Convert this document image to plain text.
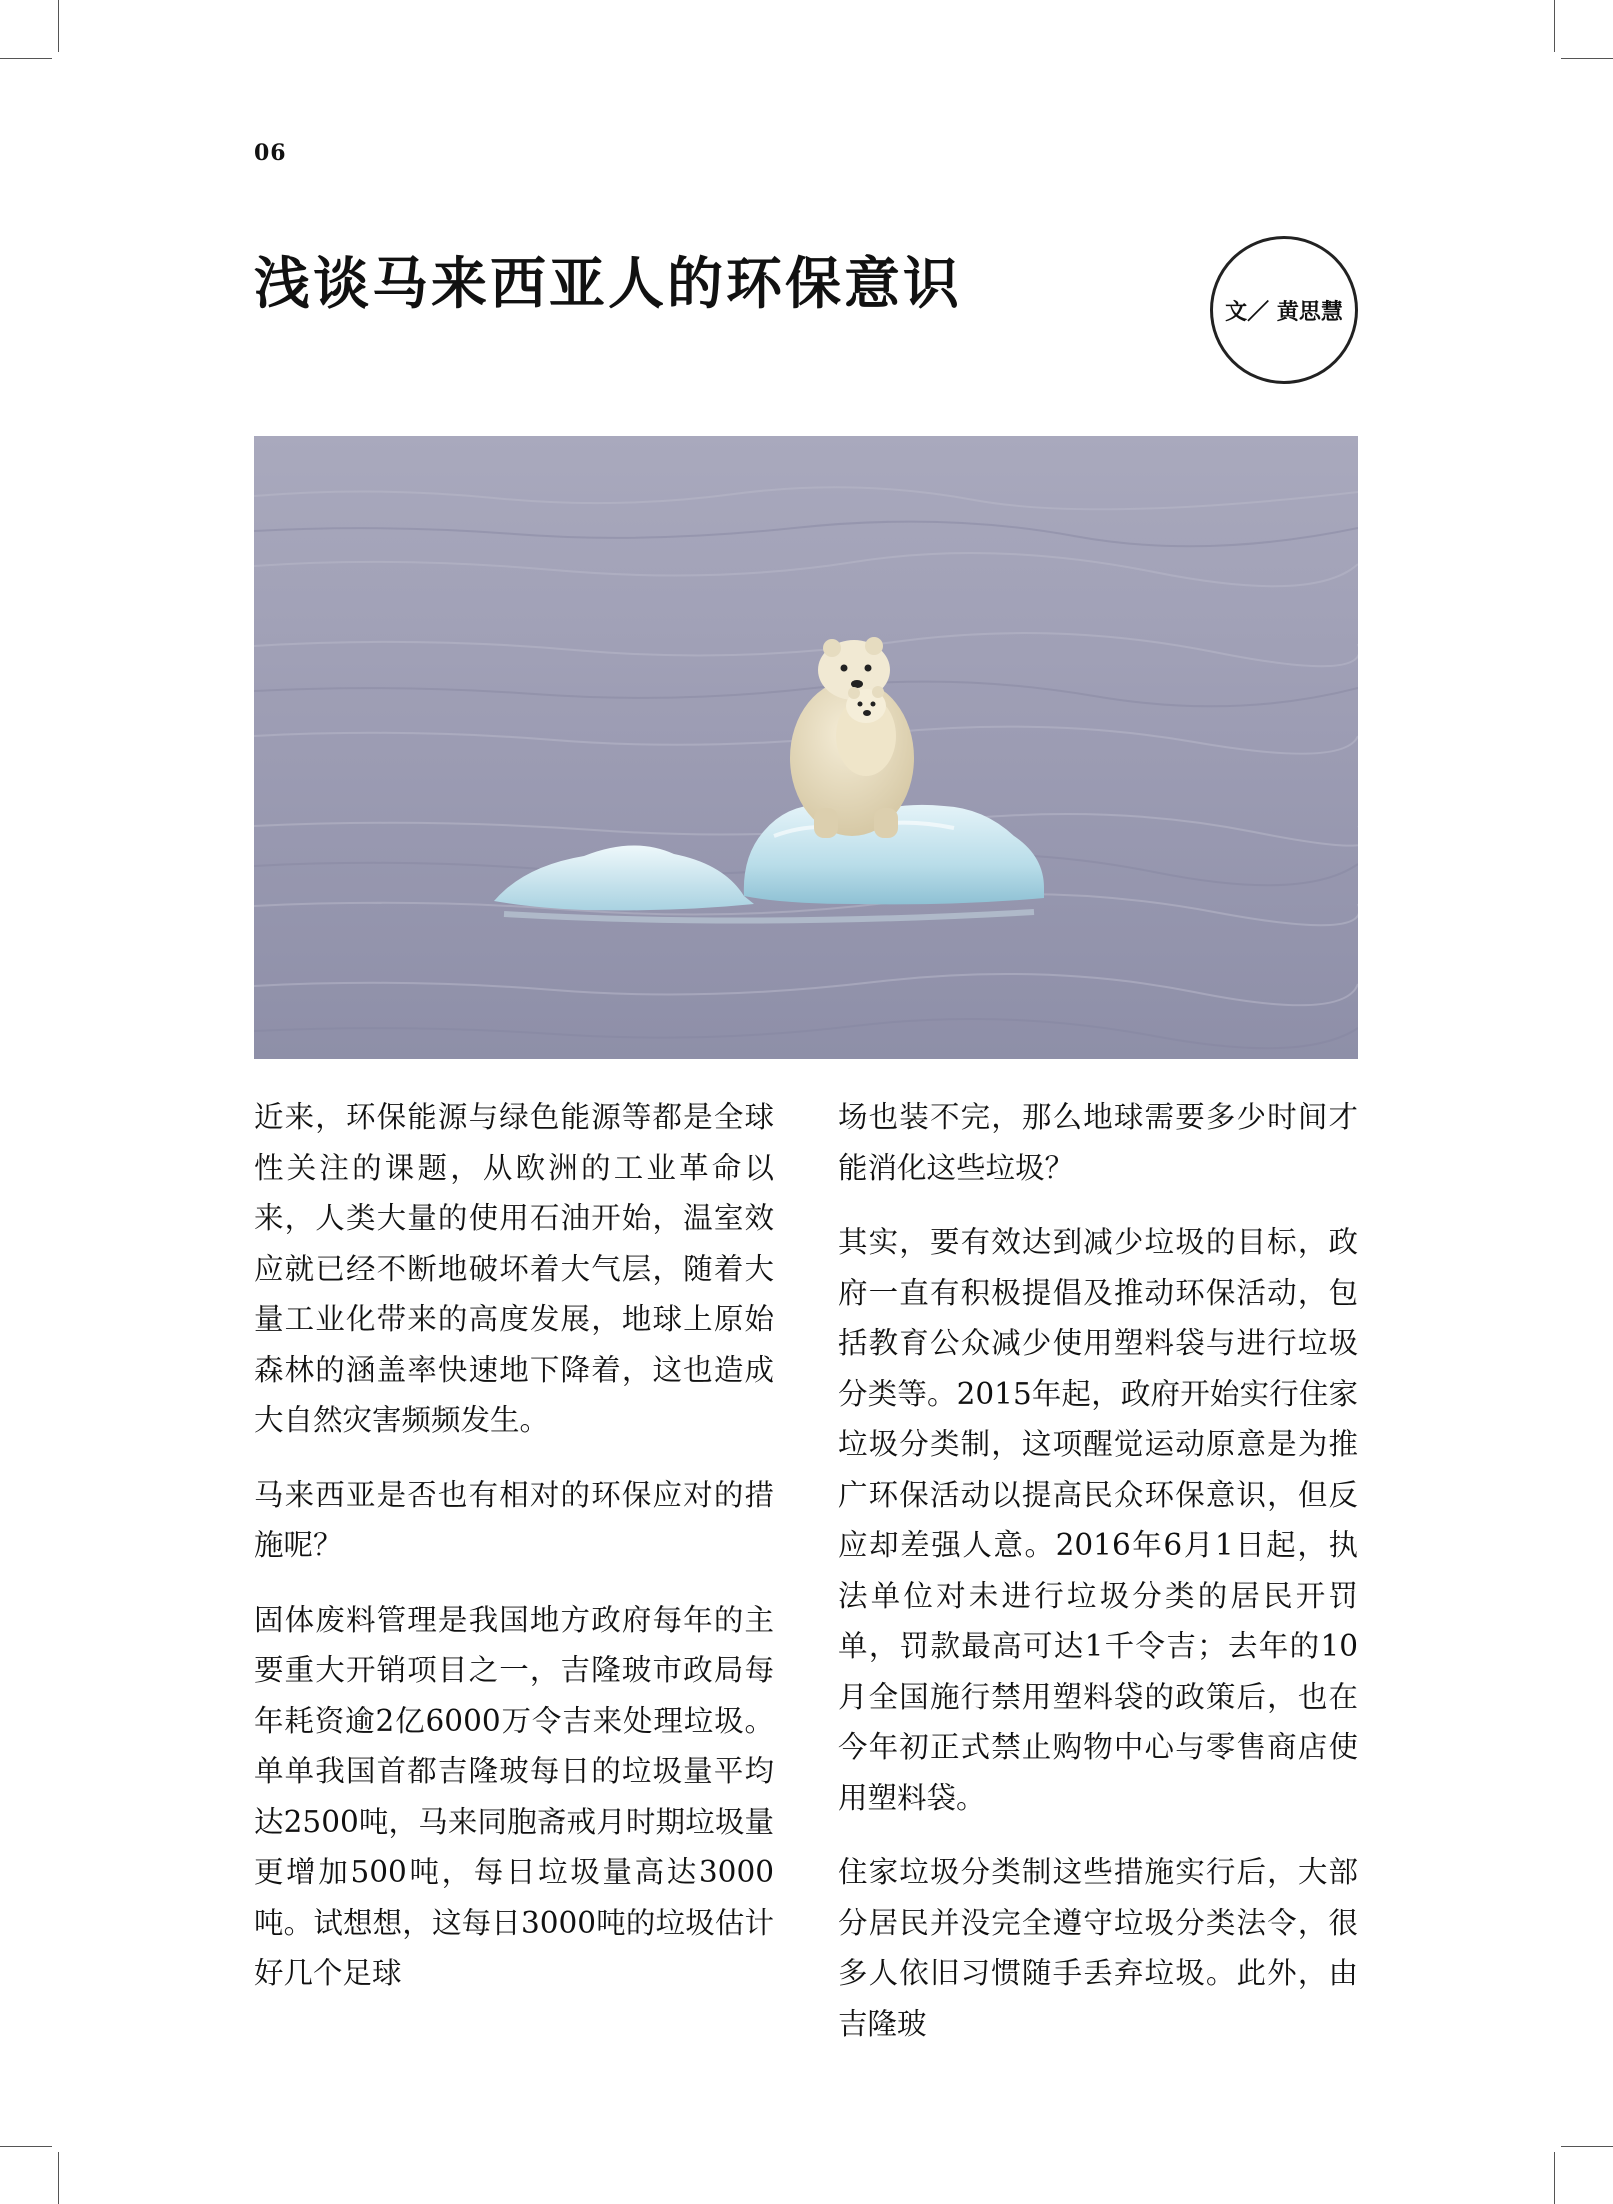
06
浅谈马来西亚人的环保意识	文／ 黄思慧

近来，环保能源与绿色能源等都是全球性关注的课题，从欧洲的工业革命以来，人类大量的使用石油开始，温室效应就已经不断地破坏着大气层，随着大量工业化带来的高度发展，地球上原始森林的涵盖率快速地下降着，这也造成大自然灾害频频发生。

马来西亚是否也有相对的环保应对的措施呢？

固体废料管理是我国地方政府每年的主要重大开销项目之一，吉隆玻市政局每年耗资逾2亿6000万令吉来处理垃圾。单单我国首都吉隆玻每日的垃圾量平均达2500吨，马来同胞斋戒月时期垃圾量更增加500吨，每日垃圾量高达3000吨。试想想，这每日3000吨的垃圾估计好几个足球

场也装不完，那么地球需要多少时间才能消化这些垃圾？

其实，要有效达到减少垃圾的目标，政府一直有积极提倡及推动环保活动，包括教育公众减少使用塑料袋与进行垃圾分类等。2015年起，政府开始实行住家垃圾分类制，这项醒觉运动原意是为推广环保活动以提高民众环保意识，但反应却差强人意。2016年6月1日起，执法单位对未进行垃圾分类的居民开罚单，罚款最高可达1千令吉；去年的10月全国施行禁用塑料袋的政策后，也在今年初正式禁止购物中心与零售商店使用塑料袋。

住家垃圾分类制这些措施实行后，大部分居民并没完全遵守垃圾分类法令，很多人依旧习惯随手丢弃垃圾。此外，由吉隆玻
